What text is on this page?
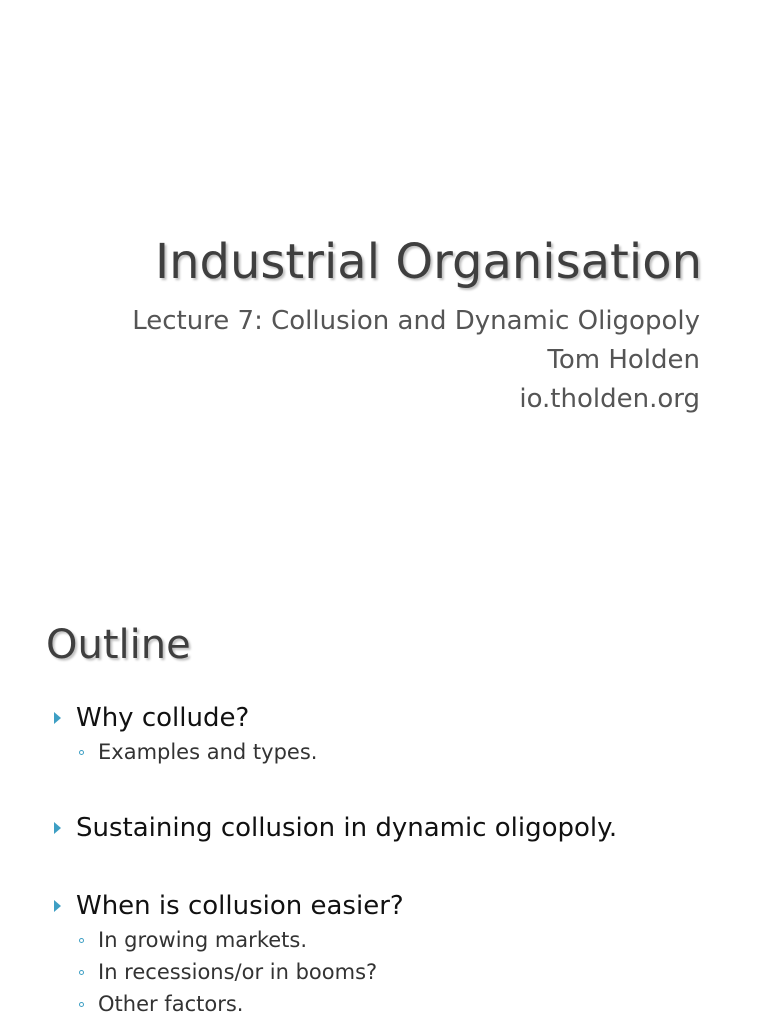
Industrial Organisation
Lecture 7: Collusion and Dynamic Oligopoly
Tom Holden
io.tholden.org
Outline
Why collude?
Examples and types.
Sustaining collusion in dynamic oligopoly.
When is collusion easier?
In growing markets.
In recessions/or in booms?
Other factors.
